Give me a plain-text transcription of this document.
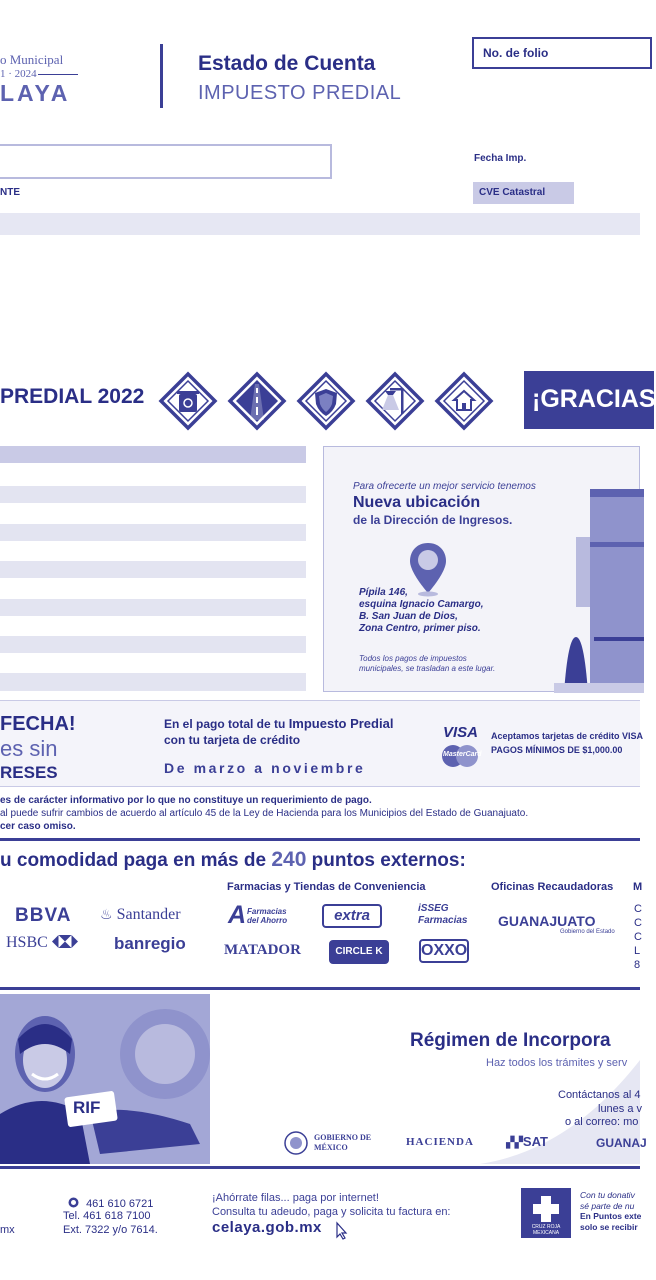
o Municipal
1 · 2024
LAYA
Estado de Cuenta
IMPUESTO PREDIAL
No. de folio
NTE
Fecha Imp.
CVE Catastral
PREDIAL 2022	¡GRACIAS
Para ofrecerte un mejor servicio tenemos
Nueva ubicación
de la Dirección de Ingresos.
Pípila 146,
esquina Ignacio Camargo,
B. San Juan de Dios,
Zona Centro, primer piso.
Todos los pagos de impuestos
municipales, se trasladan a este lugar.
FECHA!
es sin
RESES
En el pago total de tu Impuesto Predial
con tu tarjeta de crédito
De marzo a noviembre
VISA
MasterCard
Aceptamos tarjetas de crédito VISA
PAGOS MÍNIMOS DE $1,000.00
es de carácter informativo por lo que no constituye un requerimiento de pago.
al puede sufrir cambios de acuerdo al artículo 45 de la Ley de Hacienda para los Municipios del Estado de Guanajuato.
cer caso omiso.
u comodidad paga en más de 240 puntos externos:
Farmacias y Tiendas de Conveniencia	Oficinas Recaudadoras M
BBVA ♨ Santander
HSBC	banregio
A Farmacias del Ahorro	extra	iSSEG Farmacias
MATADOR	CIRCLE K	OXXO
GUANAJUATO
Gobierno del Estado
C
C
C
L
8
RIF
Régimen de Incorpora
Haz todos los trámites y serv
Contáctanos al 4
lunes a v
o al correo: mo
GOBIERNO DE MÉXICO	HACIENDA	▞▞SAT	GUANAJ
mx
461 610 6721
Tel. 461 618 7100
Ext. 7322 y/o 7614.
¡Ahórrate filas... paga por internet!
Consulta tu adeudo, paga y solicita tu factura en:
celaya.gob.mx	CRUZ ROJA MEXICANA
Con tu donativ
sé parte de nu
En Puntos exte
solo se recibir
